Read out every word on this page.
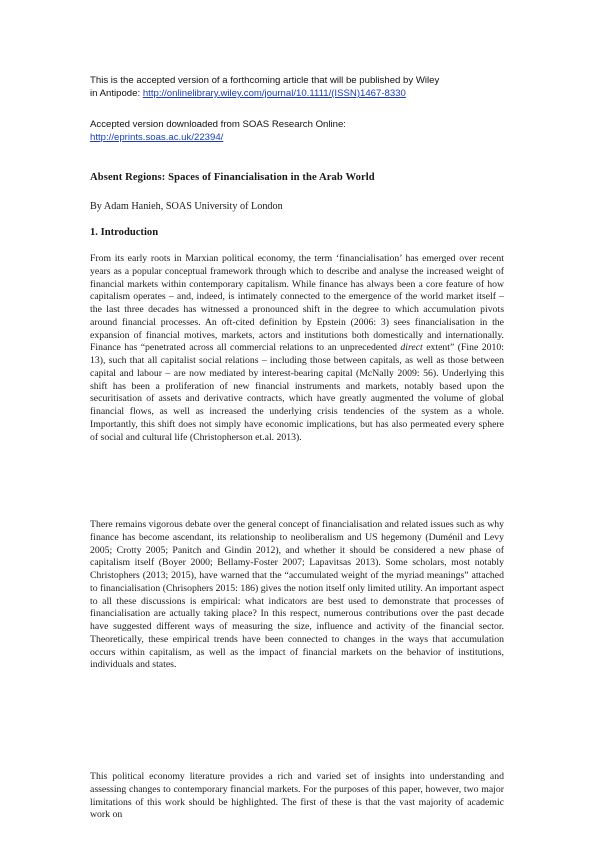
This is the accepted version of a forthcoming article that will be published by Wiley
in Antipode: http://onlinelibrary.wiley.com/journal/10.1111/(ISSN)1467-8330
Accepted version downloaded from SOAS Research Online:
http://eprints.soas.ac.uk/22394/
Absent Regions: Spaces of Financialisation in the Arab World
By Adam Hanieh, SOAS University of London
1. Introduction

From its early roots in Marxian political economy, the term ‘financialisation’ has emerged over recent years as a popular conceptual framework through which to describe and analyse the increased weight of financial markets within contemporary capitalism. While finance has always been a core feature of how capitalism operates – and, indeed, is intimately connected to the emergence of the world market itself – the last three decades has witnessed a pronounced shift in the degree to which accumulation pivots around financial processes. An oft-cited definition by Epstein (2006: 3) sees financialisation in the expansion of financial motives, markets, actors and institutions both domestically and internationally. Finance has “penetrated across all commercial relations to an unprecedented direct extent” (Fine 2010: 13), such that all capitalist social relations – including those between capitals, as well as those between capital and labour – are now mediated by interest-bearing capital (McNally 2009: 56). Underlying this shift has been a proliferation of new financial instruments and markets, notably based upon the securitisation of assets and derivative contracts, which have greatly augmented the volume of global financial flows, as well as increased the underlying crisis tendencies of the system as a whole. Importantly, this shift does not simply have economic implications, but has also permeated every sphere of social and cultural life (Christopherson et.al. 2013).

There remains vigorous debate over the general concept of financialisation and related issues such as why finance has become ascendant, its relationship to neoliberalism and US hegemony (Duménil and Levy 2005; Crotty 2005; Panitch and Gindin 2012), and whether it should be considered a new phase of capitalism itself (Boyer 2000; Bellamy-Foster 2007; Lapavitsas 2013). Some scholars, most notably Christophers (2013; 2015), have warned that the “accumulated weight of the myriad meanings” attached to financialisation (Chrisophers 2015: 186) gives the notion itself only limited utility. An important aspect to all these discussions is empirical: what indicators are best used to demonstrate that processes of financialisation are actually taking place? In this respect, numerous contributions over the past decade have suggested different ways of measuring the size, influence and activity of the financial sector. Theoretically, these empirical trends have been connected to changes in the ways that accumulation occurs within capitalism, as well as the impact of financial markets on the behavior of institutions, individuals and states.

This political economy literature provides a rich and varied set of insights into understanding and assessing changes to contemporary financial markets. For the purposes of this paper, however, two major limitations of this work should be highlighted. The first of these is that the vast majority of academic work on
